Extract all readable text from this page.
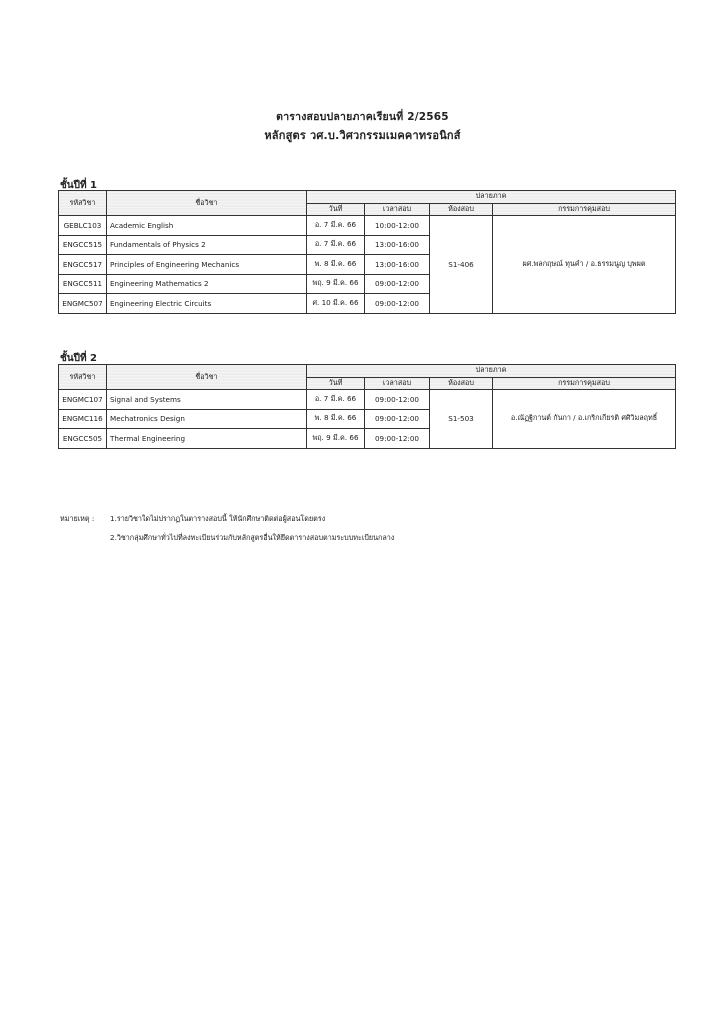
ตารางสอบปลายภาคเรียนที่ 2/2565
หลักสูตร วศ.บ.วิศวกรรมเมคคาทรอนิกส์
ชั้นปีที่ 1
รหัสวิชา	ชื่อวิชา	ปลายภาค			
		วันที่	เวลาสอบ	ห้องสอบ	กรรมการคุมสอบ
GEBLC103	Academic English	อ. 7 มี.ค. 66	10:00-12:00	S1-406	ผศ.พลกฤษณ์ ทุนคำ / อ.ธรรมนูญ บุพผต
ENGCC515	Fundamentals of Physics 2	อ. 7 มี.ค. 66	13:00-16:00		
ENGCC517	Principles of Engineering Mechanics	พ. 8 มี.ค. 66	13:00-16:00		
ENGCC511	Engineering Mathematics 2	พฤ. 9 มี.ค. 66	09:00-12:00		
ENGMC507	Engineering Electric Circuits	ศ. 10 มี.ค. 66	09:00-12:00		
ชั้นปีที่ 2
รหัสวิชา	ชื่อวิชา	ปลายภาค			
		วันที่	เวลาสอบ	ห้องสอบ	กรรมการคุมสอบ
ENGMC107	Signal and Systems	อ. 7 มี.ค. 66	09:00-12:00	S1-503	อ.ณัฏฐิกานต์ กันกา / อ.เกริกเกียรติ ศศิวิมลฤทธิ์
ENGMC116	Mechatronics Design	พ. 8 มี.ค. 66	09:00-12:00		
ENGCC505	Thermal Engineering	พฤ. 9 มี.ค. 66	09:00-12:00		
หมายเหตุ : 1.รายวิชาใดไม่ปรากฏในตารางสอบนี้ ให้นักศึกษาติดต่อผู้สอนโดยตรง
2.วิชากลุ่มศึกษาทั่วไปที่ลงทะเบียนร่วมกับหลักสูตรอื่นให้ยึดตารางสอบตามระบบทะเบียนกลาง
